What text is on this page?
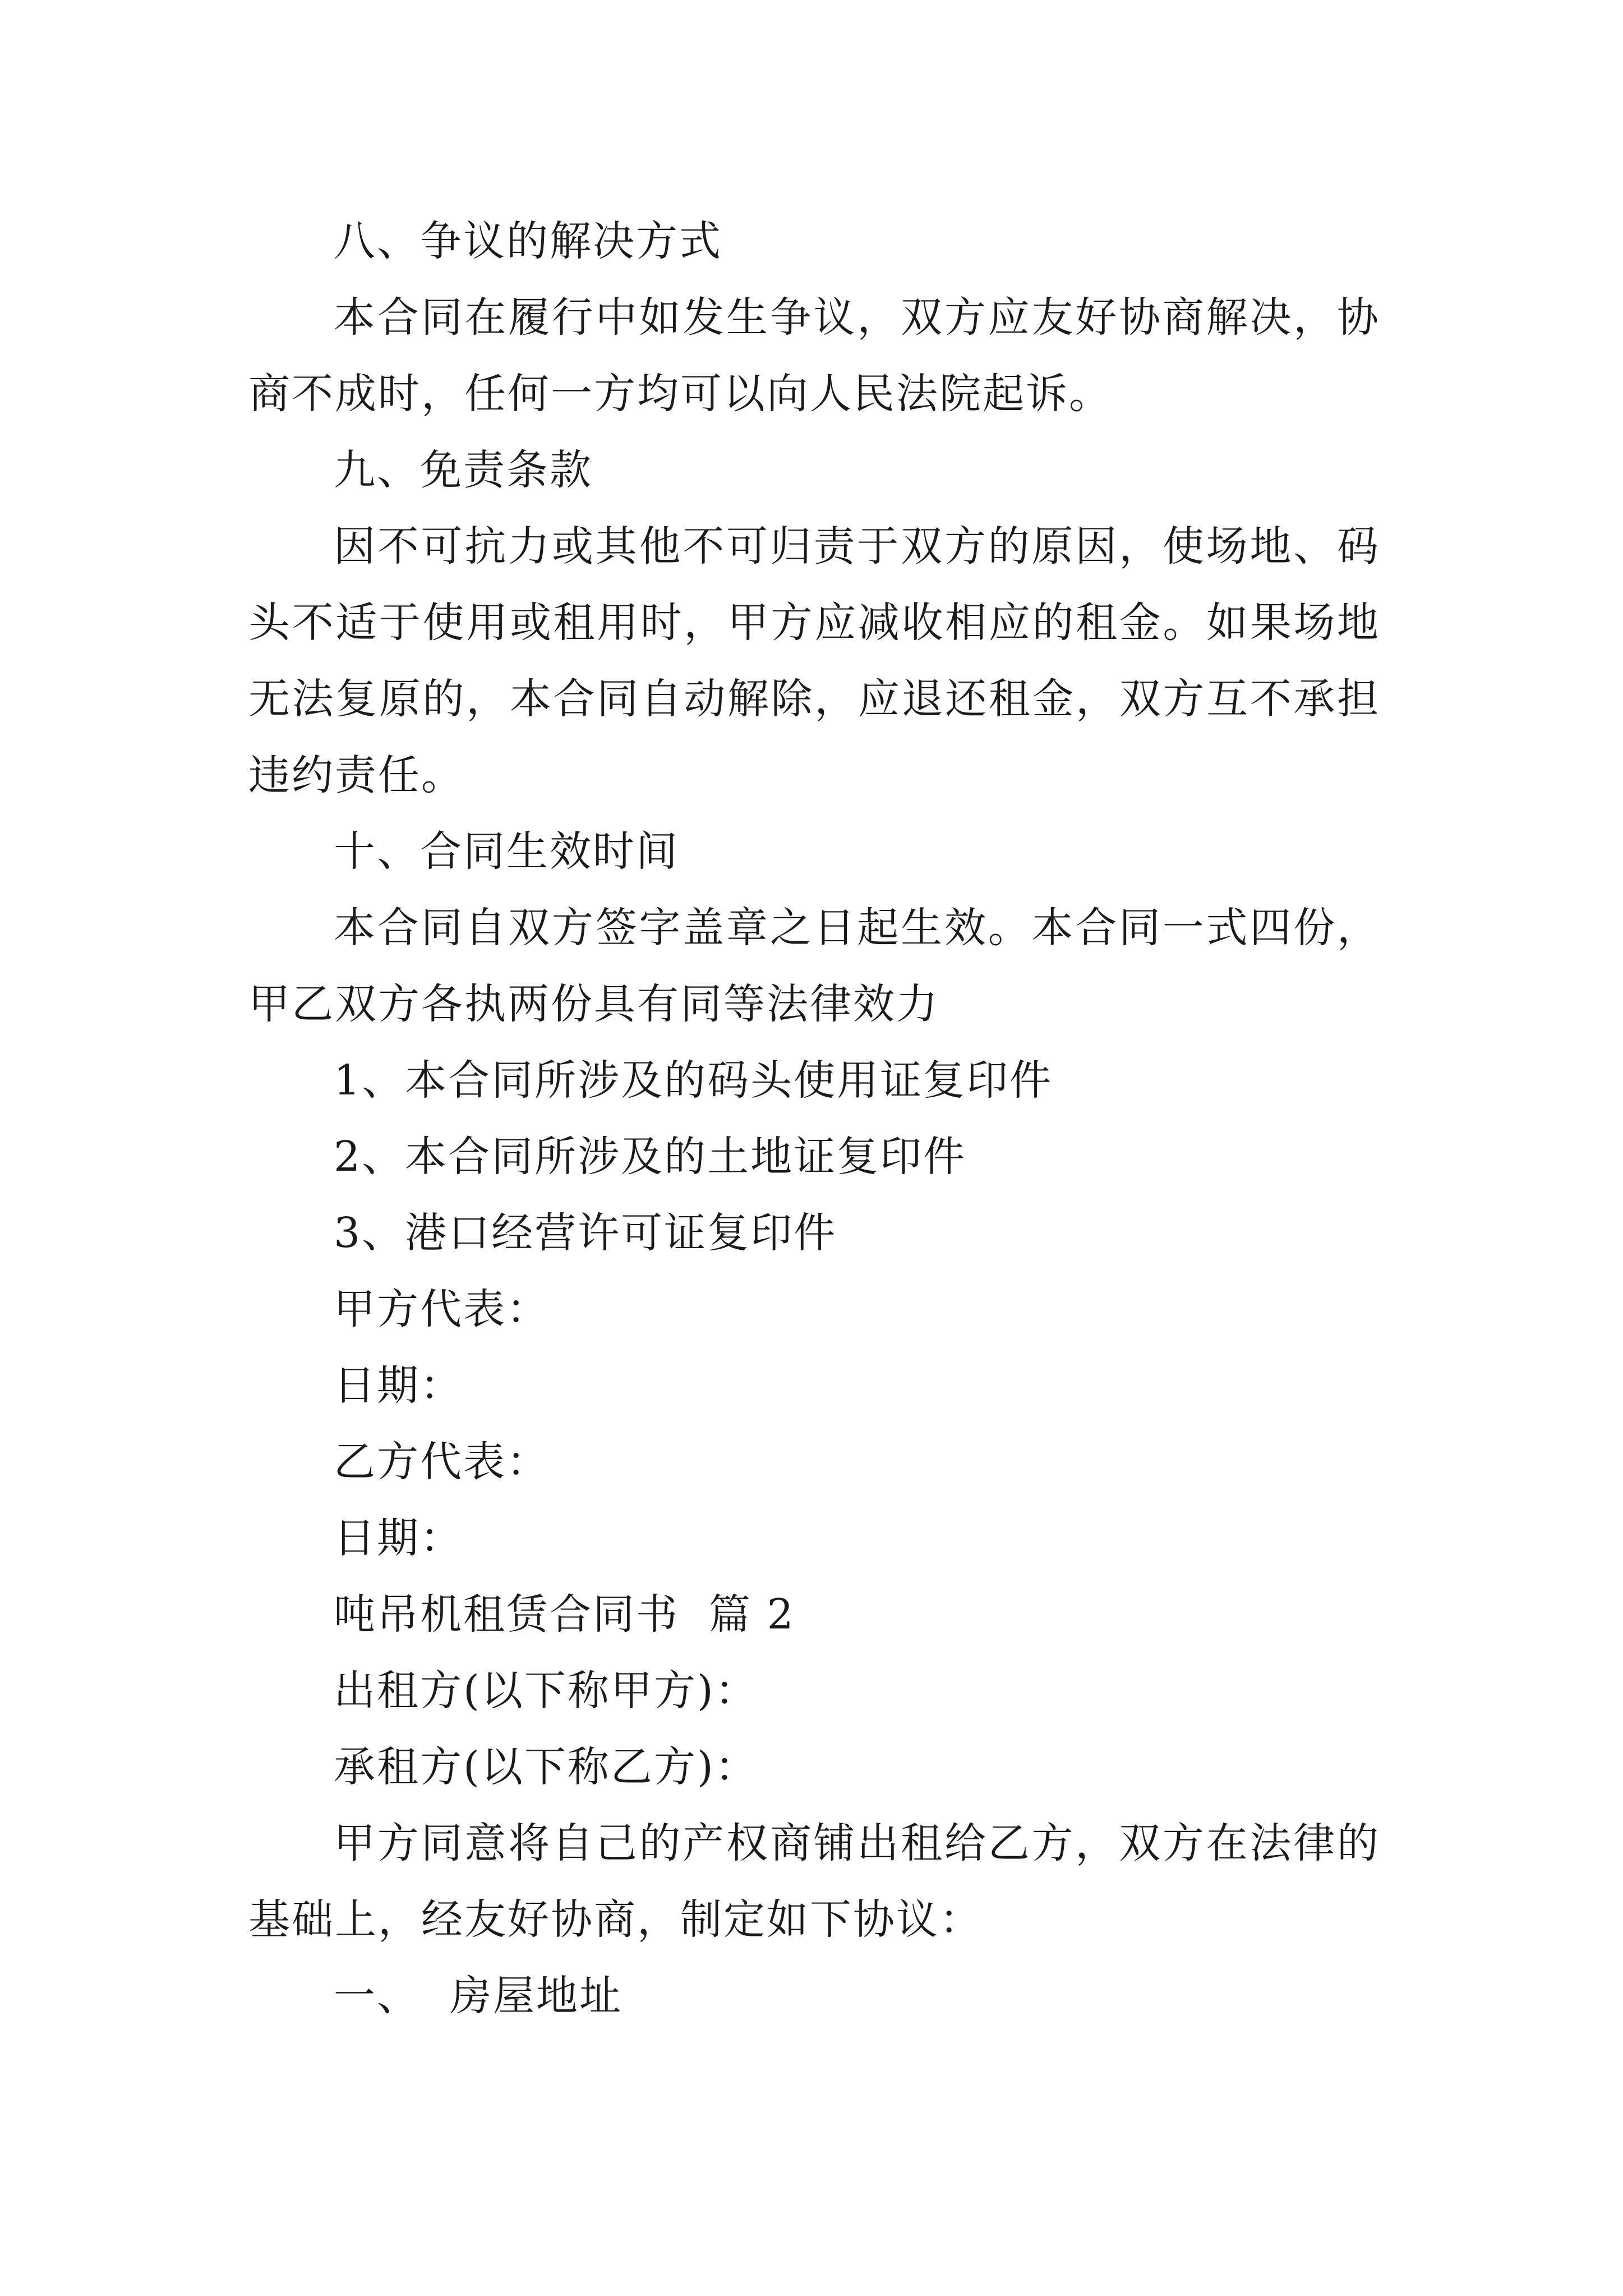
八、争议的解决方式

本合同在履行中如发生争议，双方应友好协商解决，协商不成时，任何一方均可以向人民法院起诉。

九、免责条款

因不可抗力或其他不可归责于双方的原因，使场地、码头不适于使用或租用时，甲方应减收相应的租金。如果场地无法复原的，本合同自动解除，应退还租金，双方互不承担违约责任。

十、合同生效时间

本合同自双方签字盖章之日起生效。本合同一式四份，甲乙双方各执两份具有同等法律效力

1、本合同所涉及的码头使用证复印件

2、本合同所涉及的土地证复印件

3、港口经营许可证复印件

甲方代表：

日期：

乙方代表：

日期：

吨吊机租赁合同书  篇 2

出租方(以下称甲方)：

承租方(以下称乙方)：

甲方同意将自己的产权商铺出租给乙方，双方在法律的基础上，经友好协商，制定如下协议：

一、  房屋地址
